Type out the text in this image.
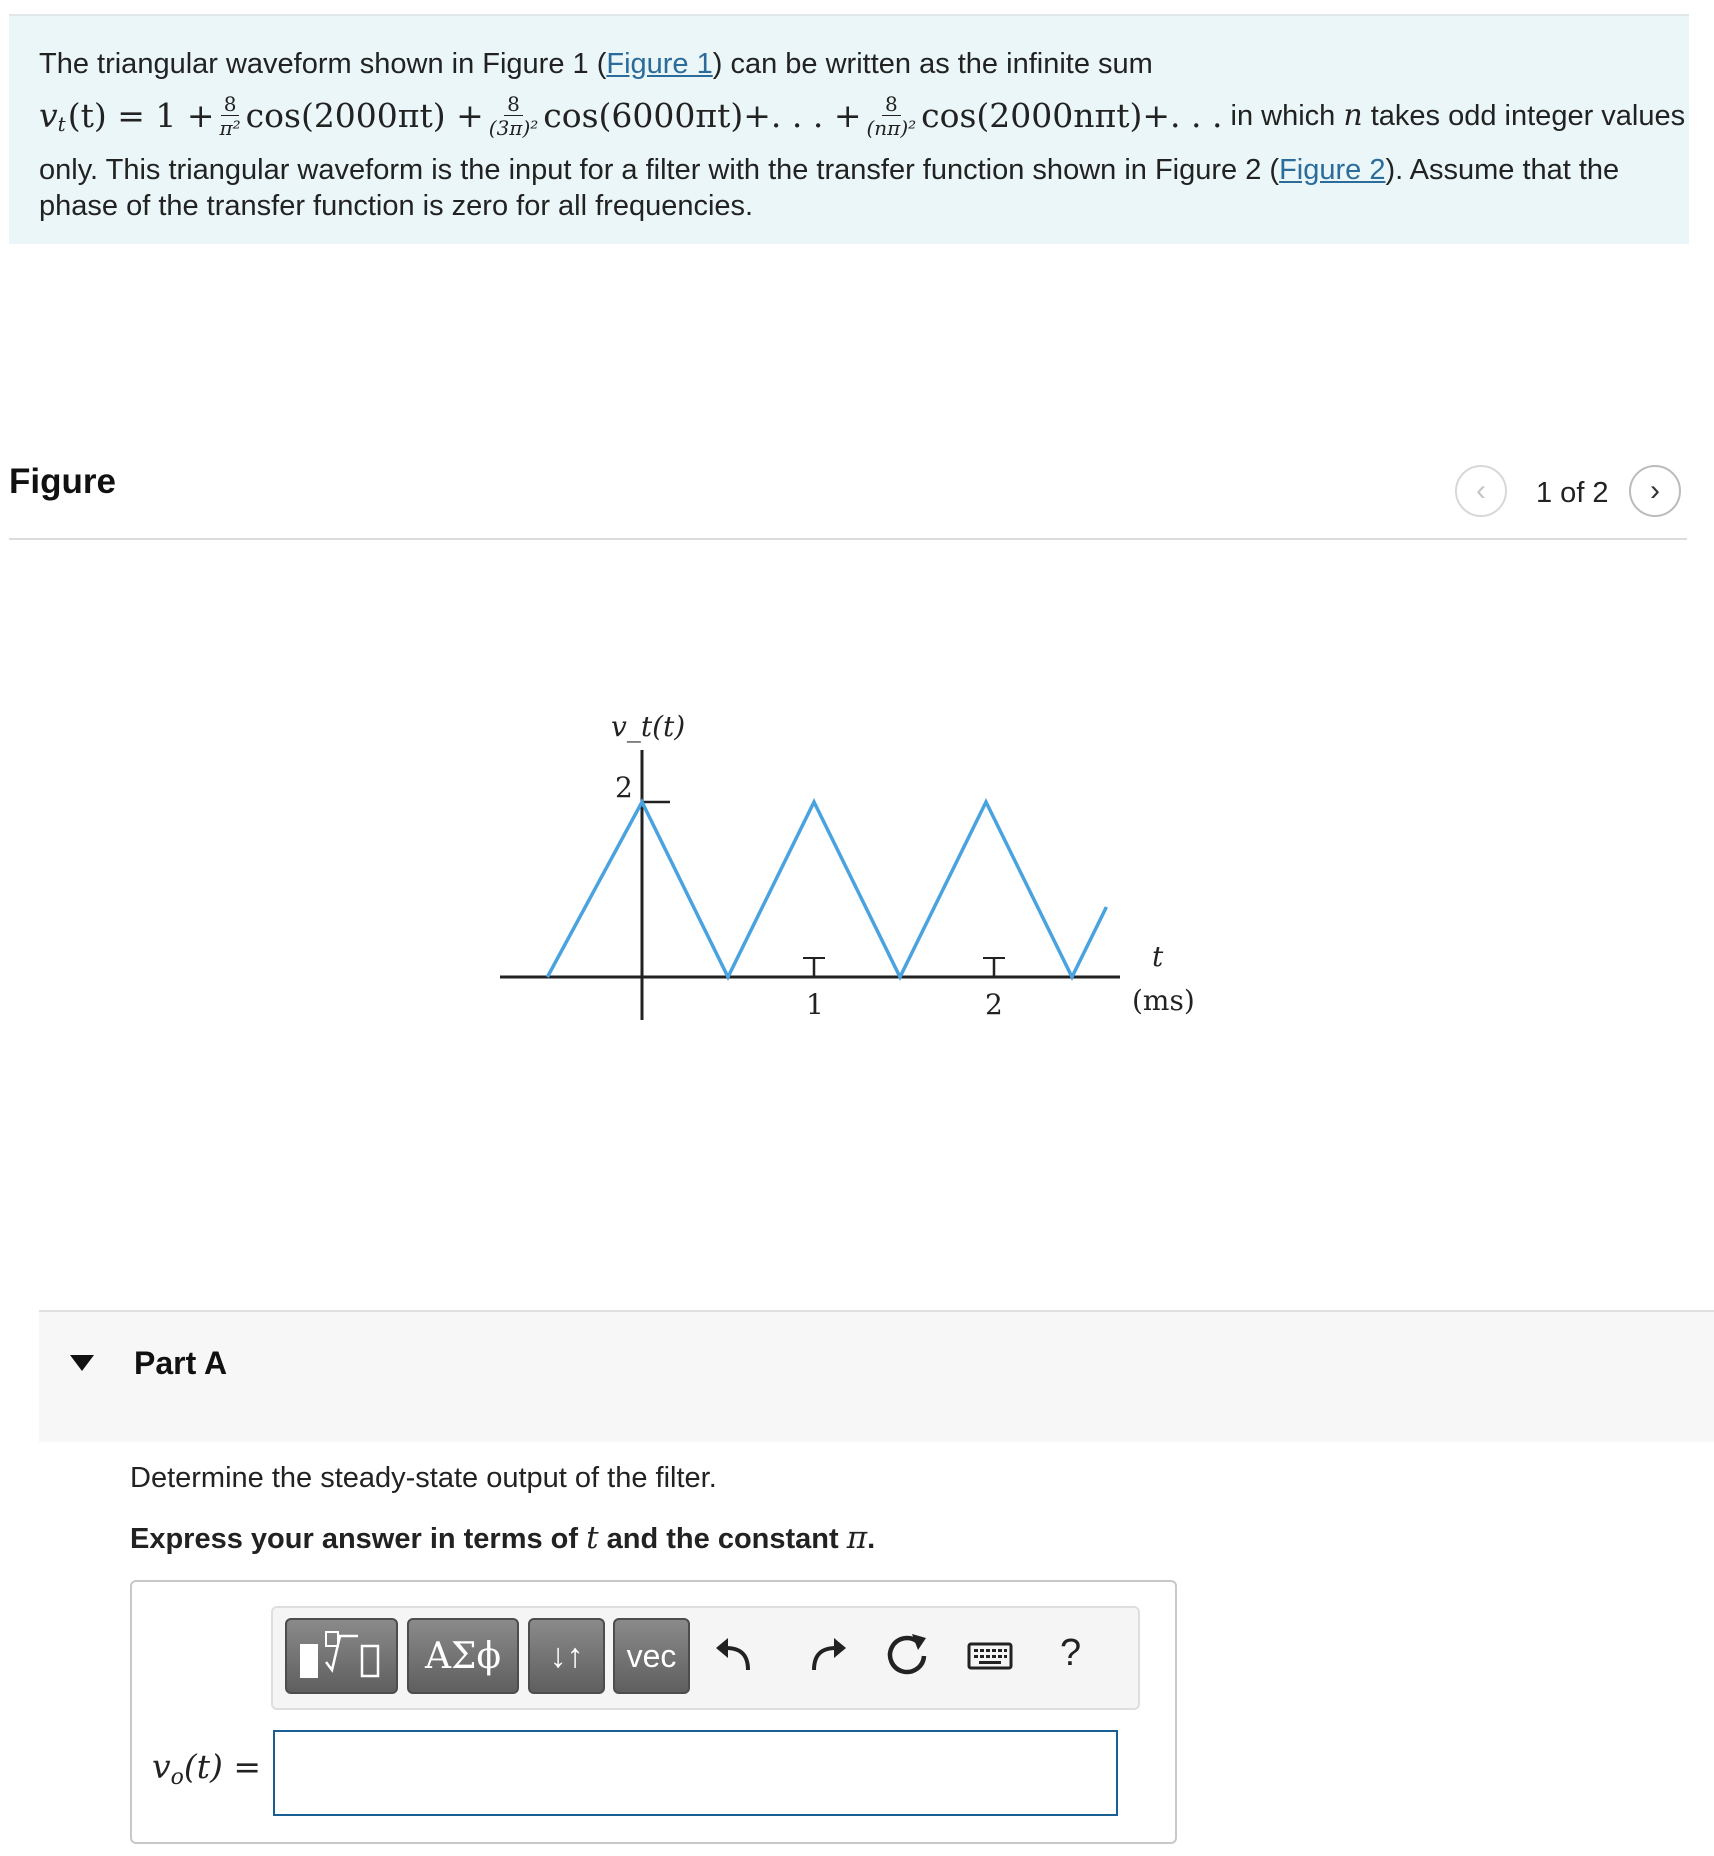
The triangular waveform shown in Figure 1 (Figure 1) can be written as the infinite sum
v t $(t) = 1 + \frac{8}{\text{π²}} \cos(2000\pi t) + \frac{8}{\text{(3π)²}} \cos(6000\pi t)+$. . . + $\frac{8}{\text{(nπ)²}} \cos(2000n\pi t)+$. . . in which n takes odd integer values
only. This triangular waveform is the input for a filter with the transfer function shown in Figure 2 (Figure 2). Assume that the
phase of the transfer function is zero for all frequencies.
Figure	‹ 1 of 2 ›
v_t(t)
2
1	2
t
(ms)
Part A
Determine the steady-state output of the filter.
Express your answer in terms of t and the constant π.
ΑΣϕ	↓↑	vec	?
vo(t) =
